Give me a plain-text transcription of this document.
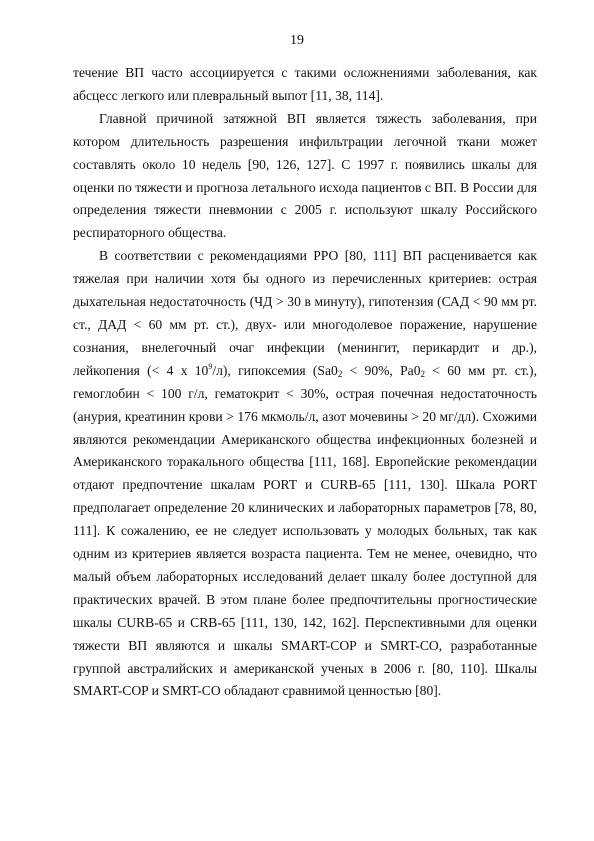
19

течение ВП часто ассоциируется с такими осложнениями заболевания, как абсцесс легкого или плевральный выпот [11, 38, 114].

Главной причиной затяжной ВП является тяжесть заболевания, при котором длительность разрешения инфильтрации легочной ткани может составлять около 10 недель [90, 126, 127]. С 1997 г. появились шкалы для оценки по тяжести и прогноза летального исхода пациентов с ВП. В России для определения тяжести пневмонии с 2005 г. используют шкалу Российского респираторного общества.

В соответствии с рекомендациями РРО [80, 111] ВП расценивается как тяжелая при наличии хотя бы одного из перечисленных критериев: острая дыхательная недостаточность (ЧД > 30 в минуту), гипотензия (САД < 90 мм рт. ст., ДАД < 60 мм рт. ст.), двух- или многодолевое поражение, нарушение сознания, внелегочный очаг инфекции (менингит, перикардит и др.), лейкопения (< 4 х $10^9/л$), гипоксемия ($Sa0_2 < 90\%$, $Pa0_2 < 60$ мм рт. ст.), гемоглобин < 100 г/л, гематокрит < 30%, острая почечная недостаточность (анурия, креатинин крови > 176 мкмоль/л, азот мочевины > 20 мг/дл). Схожими являются рекомендации Американского общества инфекционных болезней и Американского торакального общества [111, 168]. Европейские рекомендации отдают предпочтение шкалам PORT и CURB-65 [111, 130]. Шкала PORT предполагает определение 20 клинических и лабораторных параметров [78, 80, 111]. К сожалению, ее не следует использовать у молодых больных, так как одним из критериев является возраста пациента. Тем не менее, очевидно, что малый объем лабораторных исследований делает шкалу более доступной для практических врачей. В этом плане более предпочтительны прогностические шкалы CURB-65 и CRB-65 [111, 130, 142, 162]. Перспективными для оценки тяжести ВП являются и шкалы SMART-COP и SMRT-CO, разработанные группой австралийских и американской ученых в 2006 г. [80, 110]. Шкалы SMART-COP и SMRT-CO обладают сравнимой ценностью [80].
